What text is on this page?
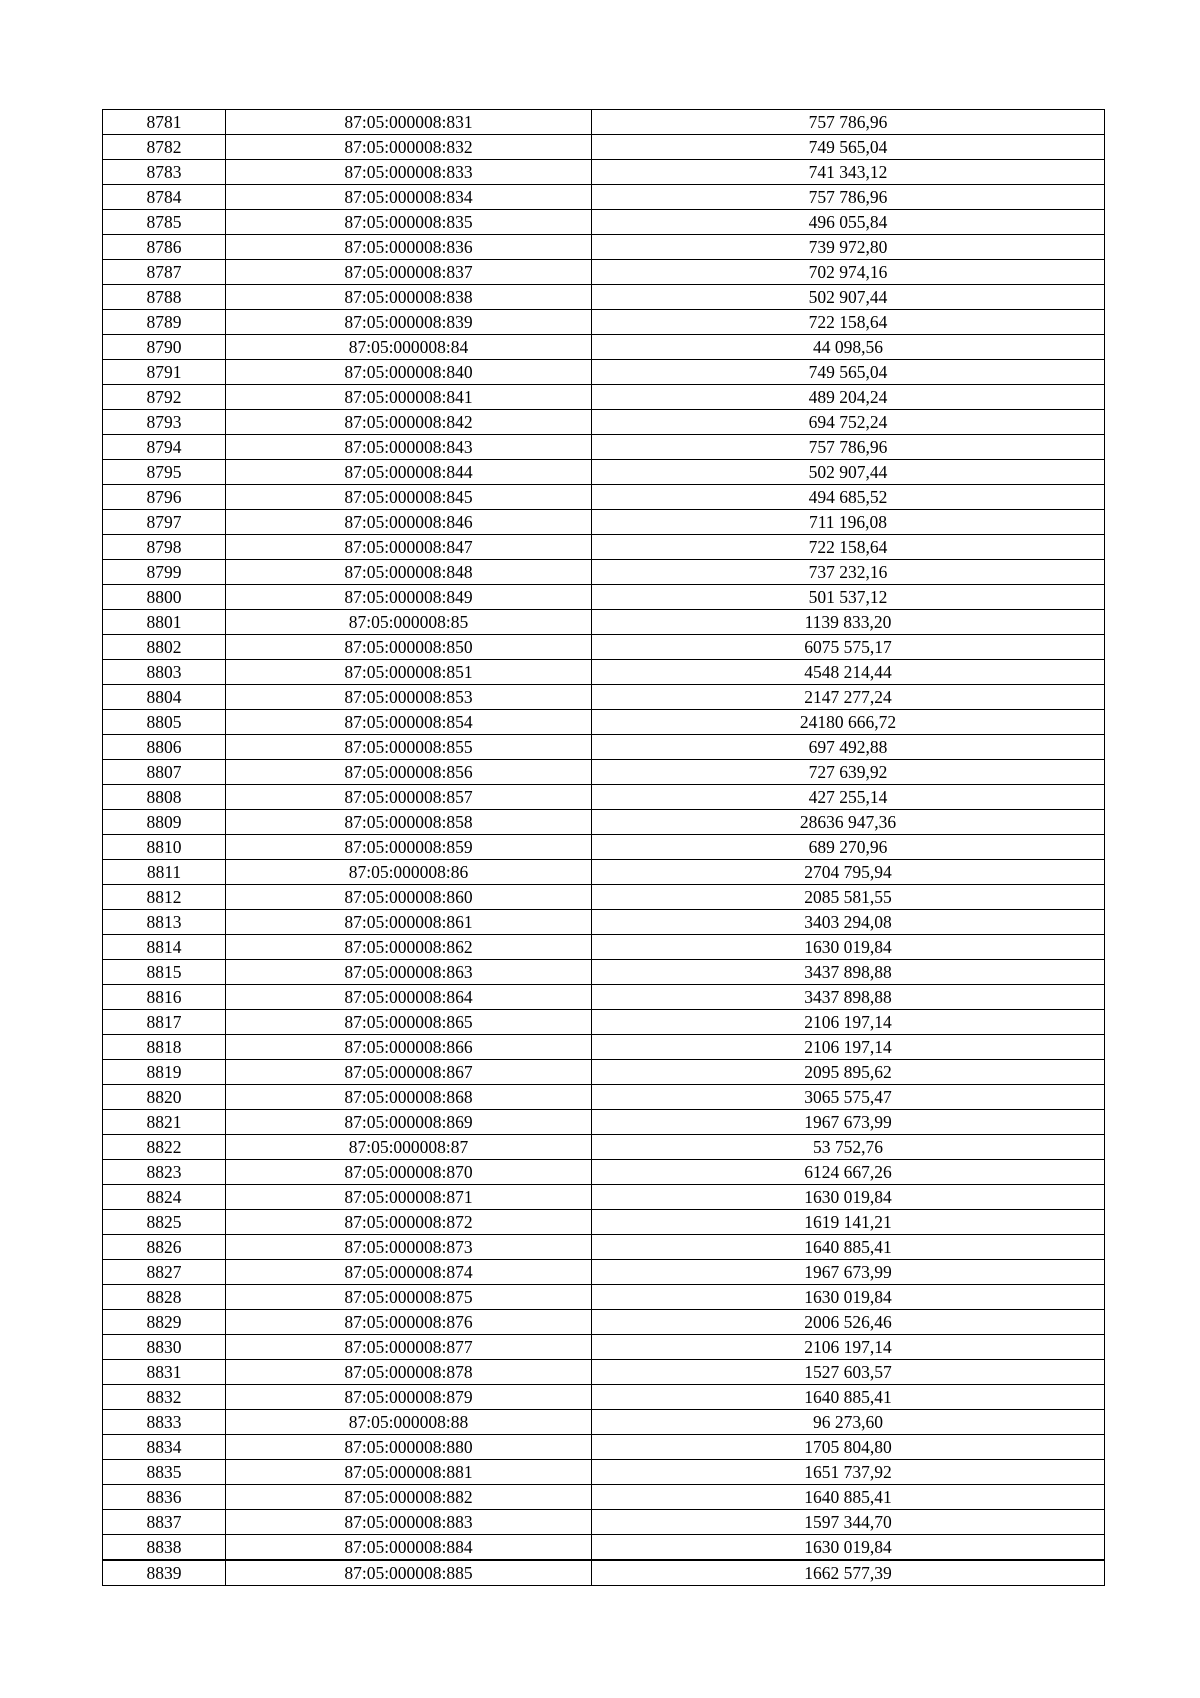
8781	87:05:000008:831	757 786,96
8782	87:05:000008:832	749 565,04
8783	87:05:000008:833	741 343,12
8784	87:05:000008:834	757 786,96
8785	87:05:000008:835	496 055,84
8786	87:05:000008:836	739 972,80
8787	87:05:000008:837	702 974,16
8788	87:05:000008:838	502 907,44
8789	87:05:000008:839	722 158,64
8790	87:05:000008:84	44 098,56
8791	87:05:000008:840	749 565,04
8792	87:05:000008:841	489 204,24
8793	87:05:000008:842	694 752,24
8794	87:05:000008:843	757 786,96
8795	87:05:000008:844	502 907,44
8796	87:05:000008:845	494 685,52
8797	87:05:000008:846	711 196,08
8798	87:05:000008:847	722 158,64
8799	87:05:000008:848	737 232,16
8800	87:05:000008:849	501 537,12
8801	87:05:000008:85	1139 833,20
8802	87:05:000008:850	6075 575,17
8803	87:05:000008:851	4548 214,44
8804	87:05:000008:853	2147 277,24
8805	87:05:000008:854	24180 666,72
8806	87:05:000008:855	697 492,88
8807	87:05:000008:856	727 639,92
8808	87:05:000008:857	427 255,14
8809	87:05:000008:858	28636 947,36
8810	87:05:000008:859	689 270,96
8811	87:05:000008:86	2704 795,94
8812	87:05:000008:860	2085 581,55
8813	87:05:000008:861	3403 294,08
8814	87:05:000008:862	1630 019,84
8815	87:05:000008:863	3437 898,88
8816	87:05:000008:864	3437 898,88
8817	87:05:000008:865	2106 197,14
8818	87:05:000008:866	2106 197,14
8819	87:05:000008:867	2095 895,62
8820	87:05:000008:868	3065 575,47
8821	87:05:000008:869	1967 673,99
8822	87:05:000008:87	53 752,76
8823	87:05:000008:870	6124 667,26
8824	87:05:000008:871	1630 019,84
8825	87:05:000008:872	1619 141,21
8826	87:05:000008:873	1640 885,41
8827	87:05:000008:874	1967 673,99
8828	87:05:000008:875	1630 019,84
8829	87:05:000008:876	2006 526,46
8830	87:05:000008:877	2106 197,14
8831	87:05:000008:878	1527 603,57
8832	87:05:000008:879	1640 885,41
8833	87:05:000008:88	96 273,60
8834	87:05:000008:880	1705 804,80
8835	87:05:000008:881	1651 737,92
8836	87:05:000008:882	1640 885,41
8837	87:05:000008:883	1597 344,70
8838	87:05:000008:884	1630 019,84
8839	87:05:000008:885	1662 577,39
